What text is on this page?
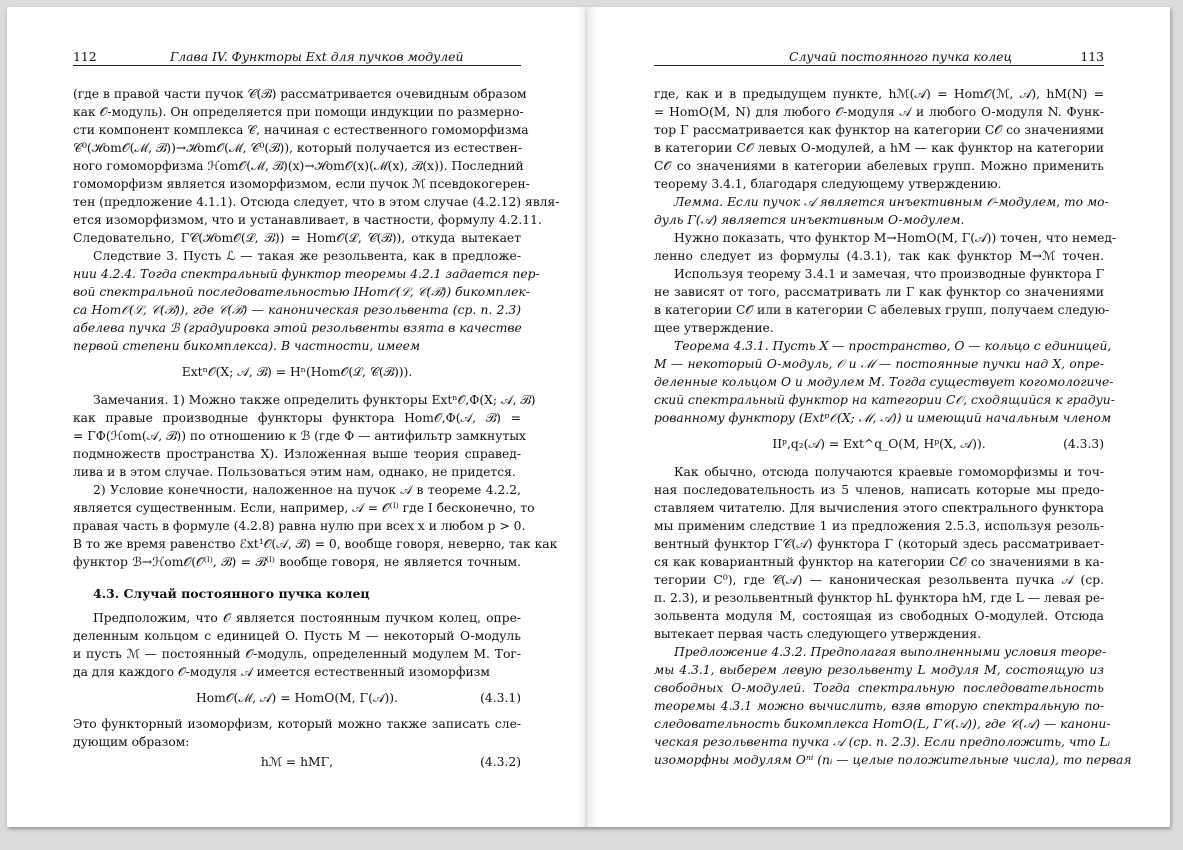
112	Глава IV. Функторы Ext для пучков модулей
(где в правой части пучок 𝒞(ℬ) рассматривается очевидным образом
как 𝒪-модуль). Он определяется при помощи индукции по размерно-
сти компонент комплекса 𝒞, начиная с естественного гомоморфизма
𝒞⁰(ℋom𝒪(ℳ, ℬ))→ℋom𝒪(ℳ, 𝒞⁰(ℬ)), который получается из естествен-
ного гомоморфизма ℋom𝒪(ℳ, ℬ)(x)→ℋom𝒪(x)(ℳ(x), ℬ(x)). Последний
гомоморфизм является изоморфизмом, если пучок ℳ псевдокогерен-
тен (предложение 4.1.1). Отсюда следует, что в этом случае (4.2.12) явля-
ется изоморфизмом, что и устанавливает, в частности, формулу 4.2.11.
Следовательно, Γ𝒞(ℋom𝒪(ℒ, ℬ)) = Hom𝒪(ℒ, 𝒞(ℬ)), откуда вытекает
Следствие 3. Пусть ℒ — такая же резольвента, как в предложе-
нии 4.2.4. Тогда спектральный функтор теоремы 4.2.1 задается пер-
вой спектральной последовательностью IHom𝒪(ℒ, 𝒞(ℬ)) бикомплек-
са Hom𝒪(ℒ, 𝒞(ℬ)), где 𝒞(ℬ) — каноническая резольвента (ср. п. 2.3)
абелева пучка ℬ (градуировка этой резольвенты взята в качестве
первой степени бикомплекса). В частности, имеем
Extⁿ𝒪(X; 𝒜, ℬ) = Hⁿ(Hom𝒪(ℒ, 𝒞(ℬ))).
Замечания. 1) Можно также определить функторы Extⁿ𝒪,Φ(X; 𝒜, ℬ)
как правые производные функторы функтора Hom𝒪,Φ(𝒜, ℬ) =
= ΓΦ(ℋom(𝒜, ℬ)) по отношению к ℬ (где Φ — антифильтр замкнутых
подмножеств пространства X). Изложенная выше теория справед-
лива и в этом случае. Пользоваться этим нам, однако, не придется.
2) Условие конечности, наложенное на пучок 𝒜 в теореме 4.2.2,
является существенным. Если, например, 𝒜 = 𝒪⁽ᴵ⁾ где I бесконечно, то
правая часть в формуле (4.2.8) равна нулю при всех x и любом p > 0.
В то же время равенство ℰxt¹𝒪(𝒜, ℬ) = 0, вообще говоря, неверно, так как
функтор ℬ→ℋom𝒪(𝒪⁽ᴵ⁾, ℬ) = ℬ⁽ᴵ⁾ вообще говоря, не является точным.
4.3. Случай постоянного пучка колец
Предположим, что 𝒪 является постоянным пучком колец, опре-
деленным кольцом с единицей O. Пусть M — некоторый O-модуль
и пусть ℳ — постоянный 𝒪-модуль, определенный модулем M. Тог-
да для каждого 𝒪-модуля 𝒜 имеется естественный изоморфизм
Hom𝒪(ℳ, 𝒜) = HomO(M, Γ(𝒜)).	(4.3.1)
Это функторный изоморфизм, который можно также записать сле-
дующим образом:
hℳ = hMΓ,	(4.3.2)
Случай постоянного пучка колец	113
где, как и в предыдущем пункте, hℳ(𝒜) = Hom𝒪(ℳ, 𝒜), hM(N) =
= HomO(M, N) для любого 𝒪-модуля 𝒜 и любого O-модуля N. Функ-
тор Γ рассматривается как функтор на категории C𝒪 со значениями
в категории C𝒪 левых O-модулей, а hM — как функтор на категории
C𝒪 со значениями в категории абелевых групп. Можно применить
теорему 3.4.1, благодаря следующему утверждению.
Лемма. Если пучок 𝒜 является инъективным 𝒪-модулем, то мо-
дуль Γ(𝒜) является инъективным O-модулем.
Нужно показать, что функтор M→HomO(M, Γ(𝒜)) точен, что немед-
ленно следует из формулы (4.3.1), так как функтор M→ℳ точен.
Используя теорему 3.4.1 и замечая, что производные функтора Γ
не зависят от того, рассматривать ли Γ как функтор со значениями
в категории C𝒪 или в категории C абелевых групп, получаем следую-
щее утверждение.
Теорема 4.3.1. Пусть X — пространство, O — кольцо с единицей,
M — некоторый O-модуль, 𝒪 и ℳ — постоянные пучки над X, опре-
деленные кольцом O и модулем M. Тогда существует когомологиче-
ский спектральный функтор на категории C𝒪, сходящийся к градуи-
рованному функтору (Extᵖ𝒪(X; ℳ, 𝒜)) и имеющий начальным членом
IIᵖ,q₂(𝒜) = Ext^q_O(M, Hᵖ(X, 𝒜)).	(4.3.3)
Как обычно, отсюда получаются краевые гомоморфизмы и точ-
ная последовательность из 5 членов, написать которые мы предо-
ставляем читателю. Для вычисления этого спектрального функтора
мы применим следствие 1 из предложения 2.5.3, используя резоль-
вентный функтор Γ𝒞(𝒜) функтора Γ (который здесь рассматривает-
ся как ковариантный функтор на категории C𝒪 со значениями в ка-
тегории C⁰), где 𝒞(𝒜) — каноническая резольвента пучка 𝒜 (ср.
п. 2.3), и резольвентный функтор hL функтора hM, где L — левая ре-
зольвента модуля M, состоящая из свободных O-модулей. Отсюда
вытекает первая часть следующего утверждения.
Предложение 4.3.2. Предполагая выполненными условия теоре-
мы 4.3.1, выберем левую резольвенту L модуля M, состоящую из
свободных O-модулей. Тогда спектральную последовательность
теоремы 4.3.1 можно вычислить, взяв вторую спектральную по-
следовательность бикомплекса HomO(L, Γ𝒞(𝒜)), где 𝒞(𝒜) — канони-
ческая резольвента пучка 𝒜 (ср. п. 2.3). Если предположить, что Lᵢ
изоморфны модулям Oⁿⁱ (nᵢ — целые положительные числа), то первая
